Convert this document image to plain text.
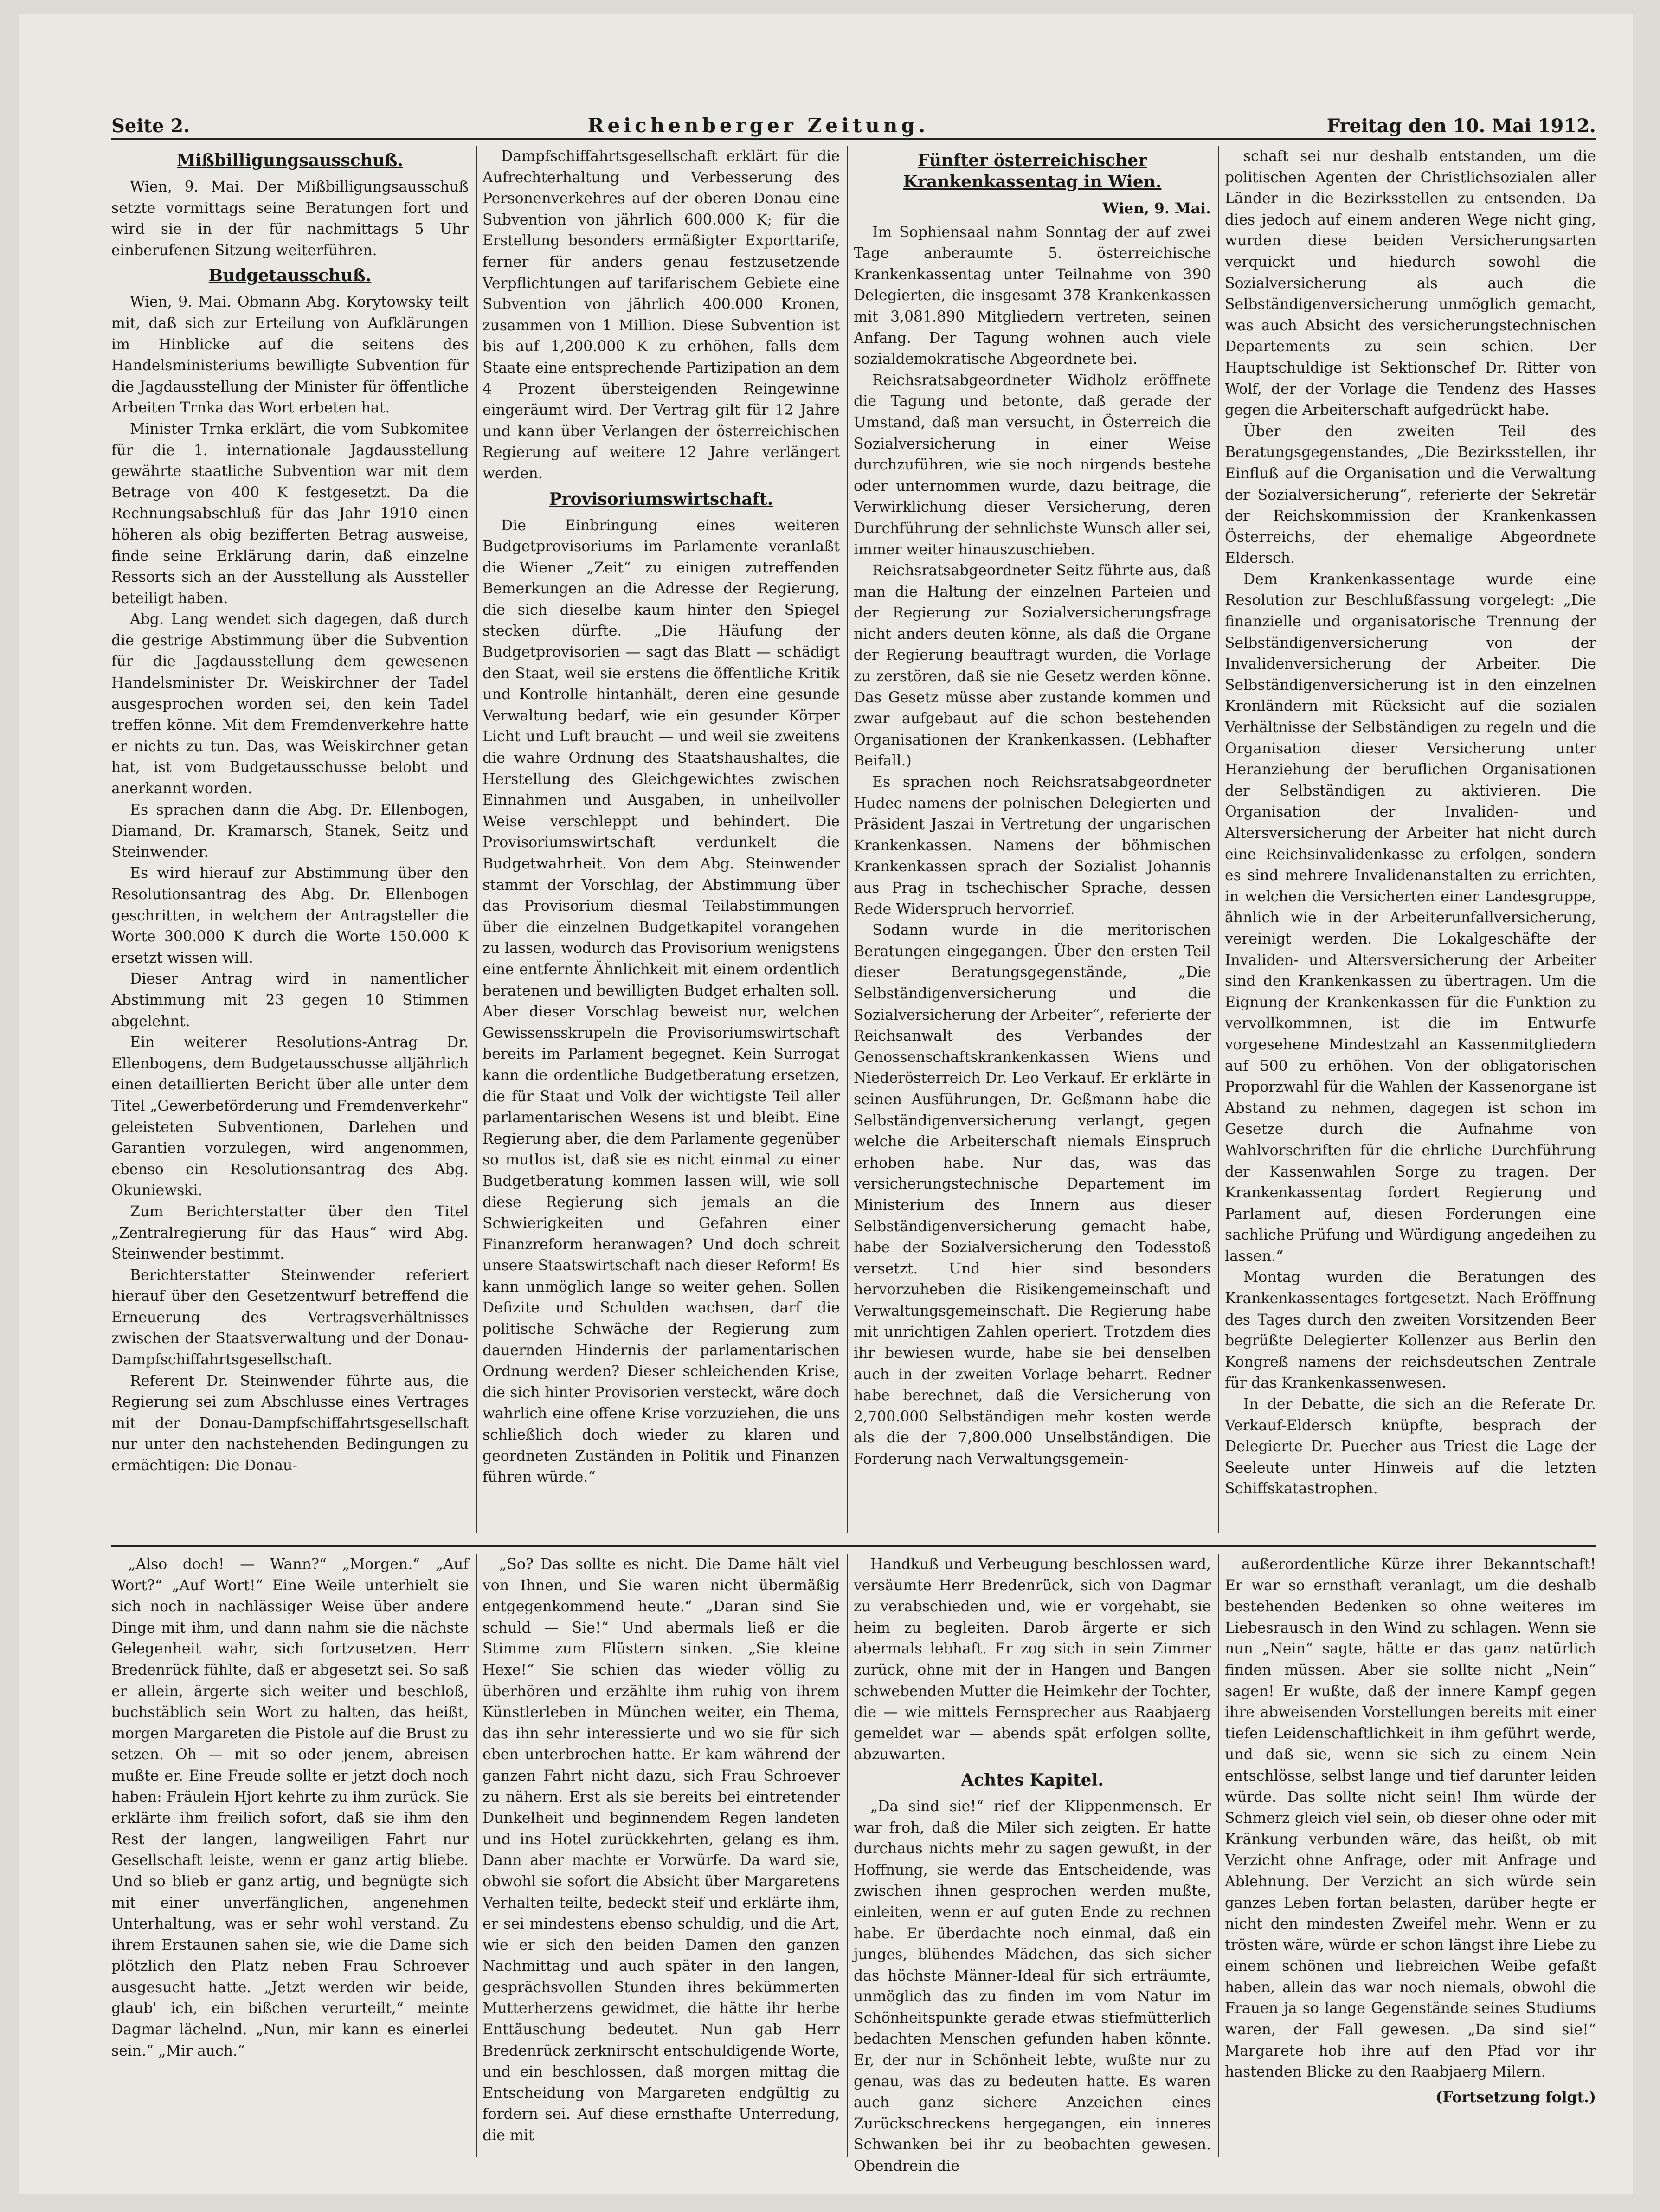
Seite 2.	Reichenberger Zeitung.	Freitag den 10. Mai 1912.
Mißbilligungsausschuß.

Wien, 9. Mai. Der Mißbilligungsausschuß setzte vormittags seine Beratungen fort und wird sie in der für nachmittags 5 Uhr einberufenen Sitzung weiterführen.

Budgetausschuß.

Wien, 9. Mai. Obmann Abg. Korytowsky teilt mit, daß sich zur Erteilung von Aufklärungen im Hinblicke auf die seitens des Handelsministeriums bewilligte Subvention für die Jagdausstellung der Minister für öffentliche Arbeiten Trnka das Wort erbeten hat.

Minister Trnka erklärt, die vom Subkomitee für die 1. internationale Jagdausstellung gewährte staatliche Subvention war mit dem Betrage von 400 K festgesetzt. Da die Rechnungsabschluß für das Jahr 1910 einen höheren als obig bezifferten Betrag ausweise, finde seine Erklärung darin, daß einzelne Ressorts sich an der Ausstellung als Aussteller beteiligt haben.

Abg. Lang wendet sich dagegen, daß durch die gestrige Abstimmung über die Subvention für die Jagdausstellung dem gewesenen Handelsminister Dr. Weiskirchner der Tadel ausgesprochen worden sei, den kein Tadel treffen könne. Mit dem Fremdenverkehre hatte er nichts zu tun. Das, was Weiskirchner getan hat, ist vom Budgetausschusse belobt und anerkannt worden.

Es sprachen dann die Abg. Dr. Ellenbogen, Diamand, Dr. Kramarsch, Stanek, Seitz und Steinwender.

Es wird hierauf zur Abstimmung über den Resolutionsantrag des Abg. Dr. Ellenbogen geschritten, in welchem der Antragsteller die Worte 300.000 K durch die Worte 150.000 K ersetzt wissen will.

Dieser Antrag wird in namentlicher Abstimmung mit 23 gegen 10 Stimmen abgelehnt.

Ein weiterer Resolutions-Antrag Dr. Ellenbogens, dem Budgetausschusse alljährlich einen detaillierten Bericht über alle unter dem Titel „Gewerbeförderung und Fremdenverkehr“ geleisteten Subventionen, Darlehen und Garantien vorzulegen, wird angenommen, ebenso ein Resolutionsantrag des Abg. Okuniewski.

Zum Berichterstatter über den Titel „Zentralregierung für das Haus“ wird Abg. Steinwender bestimmt.

Berichterstatter Steinwender referiert hierauf über den Gesetzentwurf betreffend die Erneuerung des Vertragsverhältnisses zwischen der Staatsverwaltung und der Donau-Dampfschiffahrtsgesellschaft.

Referent Dr. Steinwender führte aus, die Regierung sei zum Abschlusse eines Vertrages mit der Donau-Dampfschiffahrtsgesellschaft nur unter den nachstehenden Bedingungen zu ermächtigen: Die Donau-

Dampfschiffahrtsgesellschaft erklärt für die Aufrechterhaltung und Verbesserung des Personenverkehres auf der oberen Donau eine Subvention von jährlich 600.000 K; für die Erstellung besonders ermäßigter Exporttarife, ferner für anders genau festzusetzende Verpflichtungen auf tarifarischem Gebiete eine Subvention von jährlich 400.000 Kronen, zusammen von 1 Million. Diese Subvention ist bis auf 1,200.000 K zu erhöhen, falls dem Staate eine entsprechende Partizipation an dem 4 Prozent übersteigenden Reingewinne eingeräumt wird. Der Vertrag gilt für 12 Jahre und kann über Verlangen der österreichischen Regierung auf weitere 12 Jahre verlängert werden.

Provisoriumswirtschaft.

Die Einbringung eines weiteren Budgetprovisoriums im Parlamente veranlaßt die Wiener „Zeit“ zu einigen zutreffenden Bemerkungen an die Adresse der Regierung, die sich dieselbe kaum hinter den Spiegel stecken dürfte. „Die Häufung der Budgetprovisorien — sagt das Blatt — schädigt den Staat, weil sie erstens die öffentliche Kritik und Kontrolle hintanhält, deren eine gesunde Verwaltung bedarf, wie ein gesunder Körper Licht und Luft braucht — und weil sie zweitens die wahre Ordnung des Staatshaushaltes, die Herstellung des Gleichgewichtes zwischen Einnahmen und Ausgaben, in unheilvoller Weise verschleppt und behindert. Die Provisoriumswirtschaft verdunkelt die Budgetwahrheit. Von dem Abg. Steinwender stammt der Vorschlag, der Abstimmung über das Provisorium diesmal Teilabstimmungen über die einzelnen Budgetkapitel vorangehen zu lassen, wodurch das Provisorium wenigstens eine entfernte Ähnlichkeit mit einem ordentlich beratenen und bewilligten Budget erhalten soll. Aber dieser Vorschlag beweist nur, welchen Gewissensskrupeln die Provisoriumswirtschaft bereits im Parlament begegnet. Kein Surrogat kann die ordentliche Budgetberatung ersetzen, die für Staat und Volk der wichtigste Teil aller parlamentarischen Wesens ist und bleibt. Eine Regierung aber, die dem Parlamente gegenüber so mutlos ist, daß sie es nicht einmal zu einer Budgetberatung kommen lassen will, wie soll diese Regierung sich jemals an die Schwierigkeiten und Gefahren einer Finanzreform heranwagen? Und doch schreit unsere Staatswirtschaft nach dieser Reform! Es kann unmöglich lange so weiter gehen. Sollen Defizite und Schulden wachsen, darf die politische Schwäche der Regierung zum dauernden Hindernis der parlamentarischen Ordnung werden? Dieser schleichenden Krise, die sich hinter Provisorien versteckt, wäre doch wahrlich eine offene Krise vorzuziehen, die uns schließlich doch wieder zu klaren und geordneten Zuständen in Politik und Finanzen führen würde.“

Fünfter österreichischer Krankenkassentag in Wien.
Wien, 9. Mai.

Im Sophiensaal nahm Sonntag der auf zwei Tage anberaumte 5. österreichische Krankenkassentag unter Teilnahme von 390 Delegierten, die insgesamt 378 Krankenkassen mit 3,081.890 Mitgliedern vertreten, seinen Anfang. Der Tagung wohnen auch viele sozialdemokratische Abgeordnete bei.

Reichsratsabgeordneter Widholz eröffnete die Tagung und betonte, daß gerade der Umstand, daß man versucht, in Österreich die Sozialversicherung in einer Weise durchzuführen, wie sie noch nirgends bestehe oder unternommen wurde, dazu beitrage, die Verwirklichung dieser Versicherung, deren Durchführung der sehnlichste Wunsch aller sei, immer weiter hinauszuschieben.

Reichsratsabgeordneter Seitz führte aus, daß man die Haltung der einzelnen Parteien und der Regierung zur Sozialversicherungsfrage nicht anders deuten könne, als daß die Organe der Regierung beauftragt wurden, die Vorlage zu zerstören, daß sie nie Gesetz werden könne. Das Gesetz müsse aber zustande kommen und zwar aufgebaut auf die schon bestehenden Organisationen der Krankenkassen. (Lebhafter Beifall.)

Es sprachen noch Reichsratsabgeordneter Hudec namens der polnischen Delegierten und Präsident Jaszai in Vertretung der ungarischen Krankenkassen. Namens der böhmischen Krankenkassen sprach der Sozialist Johannis aus Prag in tschechischer Sprache, dessen Rede Widerspruch hervorrief.

Sodann wurde in die meritorischen Beratungen eingegangen. Über den ersten Teil dieser Beratungsgegenstände, „Die Selbständigenversicherung und die Sozialversicherung der Arbeiter“, referierte der Reichsanwalt des Verbandes der Genossenschaftskrankenkassen Wiens und Niederösterreich Dr. Leo Verkauf. Er erklärte in seinen Ausführungen, Dr. Geßmann habe die Selbständigenversicherung verlangt, gegen welche die Arbeiterschaft niemals Einspruch erhoben habe. Nur das, was das versicherungstechnische Departement im Ministerium des Innern aus dieser Selbständigenversicherung gemacht habe, habe der Sozialversicherung den Todesstoß versetzt. Und hier sind besonders hervorzuheben die Risikengemeinschaft und Verwaltungsgemeinschaft. Die Regierung habe mit unrichtigen Zahlen operiert. Trotzdem dies ihr bewiesen wurde, habe sie bei denselben auch in der zweiten Vorlage beharrt. Redner habe berechnet, daß die Versicherung von 2,700.000 Selbständigen mehr kosten werde als die der 7,800.000 Unselbständigen. Die Forderung nach Verwaltungsgemein-

schaft sei nur deshalb entstanden, um die politischen Agenten der Christlichsozialen aller Länder in die Bezirksstellen zu entsenden. Da dies jedoch auf einem anderen Wege nicht ging, wurden diese beiden Versicherungsarten verquickt und hiedurch sowohl die Sozialversicherung als auch die Selbständigenversicherung unmöglich gemacht, was auch Absicht des versicherungstechnischen Departements zu sein schien. Der Hauptschuldige ist Sektionschef Dr. Ritter von Wolf, der der Vorlage die Tendenz des Hasses gegen die Arbeiterschaft aufgedrückt habe.

Über den zweiten Teil des Beratungsgegenstandes, „Die Bezirksstellen, ihr Einfluß auf die Organisation und die Verwaltung der Sozialversicherung“, referierte der Sekretär der Reichskommission der Krankenkassen Österreichs, der ehemalige Abgeordnete Eldersch.

Dem Krankenkassentage wurde eine Resolution zur Beschlußfassung vorgelegt: „Die finanzielle und organisatorische Trennung der Selbständigenversicherung von der Invalidenversicherung der Arbeiter. Die Selbständigenversicherung ist in den einzelnen Kronländern mit Rücksicht auf die sozialen Verhältnisse der Selbständigen zu regeln und die Organisation dieser Versicherung unter Heranziehung der beruflichen Organisationen der Selbständigen zu aktivieren. Die Organisation der Invaliden- und Altersversicherung der Arbeiter hat nicht durch eine Reichsinvalidenkasse zu erfolgen, sondern es sind mehrere Invalidenanstalten zu errichten, in welchen die Versicherten einer Landesgruppe, ähnlich wie in der Arbeiterunfallversicherung, vereinigt werden. Die Lokalgeschäfte der Invaliden- und Altersversicherung der Arbeiter sind den Krankenkassen zu übertragen. Um die Eignung der Krankenkassen für die Funktion zu vervollkommnen, ist die im Entwurfe vorgesehene Mindestzahl an Kassenmitgliedern auf 500 zu erhöhen. Von der obligatorischen Proporzwahl für die Wahlen der Kassenorgane ist Abstand zu nehmen, dagegen ist schon im Gesetze durch die Aufnahme von Wahlvorschriften für die ehrliche Durchführung der Kassenwahlen Sorge zu tragen. Der Krankenkassentag fordert Regierung und Parlament auf, diesen Forderungen eine sachliche Prüfung und Würdigung angedeihen zu lassen.“

Montag wurden die Beratungen des Krankenkassentages fortgesetzt. Nach Eröffnung des Tages durch den zweiten Vorsitzenden Beer begrüßte Delegierter Kollenzer aus Berlin den Kongreß namens der reichsdeutschen Zentrale für das Krankenkassenwesen.

In der Debatte, die sich an die Referate Dr. Verkauf-Eldersch knüpfte, besprach der Delegierte Dr. Puecher aus Triest die Lage der Seeleute unter Hinweis auf die letzten Schiffskatastrophen.

„Also doch! — Wann?“ „Morgen.“ „Auf Wort?“ „Auf Wort!“ Eine Weile unterhielt sie sich noch in nachlässiger Weise über andere Dinge mit ihm, und dann nahm sie die nächste Gelegenheit wahr, sich fortzusetzen. Herr Bredenrück fühlte, daß er abgesetzt sei. So saß er allein, ärgerte sich weiter und beschloß, buchstäblich sein Wort zu halten, das heißt, morgen Margareten die Pistole auf die Brust zu setzen. Oh — mit so oder jenem, abreisen mußte er. Eine Freude sollte er jetzt doch noch haben: Fräulein Hjort kehrte zu ihm zurück. Sie erklärte ihm freilich sofort, daß sie ihm den Rest der langen, langweiligen Fahrt nur Gesellschaft leiste, wenn er ganz artig bliebe. Und so blieb er ganz artig, und begnügte sich mit einer unverfänglichen, angenehmen Unterhaltung, was er sehr wohl verstand. Zu ihrem Erstaunen sahen sie, wie die Dame sich plötzlich den Platz neben Frau Schroever ausgesucht hatte. „Jetzt werden wir beide, glaub' ich, ein bißchen verurteilt,“ meinte Dagmar lächelnd. „Nun, mir kann es einerlei sein.“ „Mir auch.“

„So? Das sollte es nicht. Die Dame hält viel von Ihnen, und Sie waren nicht übermäßig entgegenkommend heute.“ „Daran sind Sie schuld — Sie!“ Und abermals ließ er die Stimme zum Flüstern sinken. „Sie kleine Hexe!“ Sie schien das wieder völlig zu überhören und erzählte ihm ruhig von ihrem Künstlerleben in München weiter, ein Thema, das ihn sehr interessierte und wo sie für sich eben unterbrochen hatte. Er kam während der ganzen Fahrt nicht dazu, sich Frau Schroever zu nähern. Erst als sie bereits bei eintretender Dunkelheit und beginnendem Regen landeten und ins Hotel zurückkehrten, gelang es ihm. Dann aber machte er Vorwürfe. Da ward sie, obwohl sie sofort die Absicht über Margaretens Verhalten teilte, bedeckt steif und erklärte ihm, er sei mindestens ebenso schuldig, und die Art, wie er sich den beiden Damen den ganzen Nachmittag und auch später in den langen, gesprächsvollen Stunden ihres bekümmerten Mutterherzens gewidmet, die hätte ihr herbe Enttäuschung bedeutet. Nun gab Herr Bredenrück zerknirscht entschuldigende Worte, und ein beschlossen, daß morgen mittag die Entscheidung von Margareten endgültig zu fordern sei. Auf diese ernsthafte Unterredung, die mit

Handkuß und Verbeugung beschlossen ward, versäumte Herr Bredenrück, sich von Dagmar zu verabschieden und, wie er vorgehabt, sie heim zu begleiten. Darob ärgerte er sich abermals lebhaft. Er zog sich in sein Zimmer zurück, ohne mit der in Hangen und Bangen schwebenden Mutter die Heimkehr der Tochter, die — wie mittels Fernsprecher aus Raabjaerg gemeldet war — abends spät erfolgen sollte, abzuwarten.

Achtes Kapitel.

„Da sind sie!“ rief der Klippenmensch. Er war froh, daß die Miler sich zeigten. Er hatte durchaus nichts mehr zu sagen gewußt, in der Hoffnung, sie werde das Entscheidende, was zwischen ihnen gesprochen werden mußte, einleiten, wenn er auf guten Ende zu rechnen habe. Er überdachte noch einmal, daß ein junges, blühendes Mädchen, das sich sicher das höchste Männer-Ideal für sich erträumte, unmöglich das zu finden im vom Natur im Schönheitspunkte gerade etwas stiefmütterlich bedachten Menschen gefunden haben könnte. Er, der nur in Schönheit lebte, wußte nur zu genau, was das zu bedeuten hatte. Es waren auch ganz sichere Anzeichen eines Zurückschreckens hergegangen, ein inneres Schwanken bei ihr zu beobachten gewesen. Obendrein die

außerordentliche Kürze ihrer Bekanntschaft! Er war so ernsthaft veranlagt, um die deshalb bestehenden Bedenken so ohne weiteres im Liebesrausch in den Wind zu schlagen. Wenn sie nun „Nein“ sagte, hätte er das ganz natürlich finden müssen. Aber sie sollte nicht „Nein“ sagen! Er wußte, daß der innere Kampf gegen ihre abweisenden Vorstellungen bereits mit einer tiefen Leidenschaftlichkeit in ihm geführt werde, und daß sie, wenn sie sich zu einem Nein entschlösse, selbst lange und tief darunter leiden würde. Das sollte nicht sein! Ihm würde der Schmerz gleich viel sein, ob dieser ohne oder mit Kränkung verbunden wäre, das heißt, ob mit Verzicht ohne Anfrage, oder mit Anfrage und Ablehnung. Der Verzicht an sich würde sein ganzes Leben fortan belasten, darüber hegte er nicht den mindesten Zweifel mehr. Wenn er zu trösten wäre, würde er schon längst ihre Liebe zu einem schönen und liebreichen Weibe gefaßt haben, allein das war noch niemals, obwohl die Frauen ja so lange Gegenstände seines Studiums waren, der Fall gewesen. „Da sind sie!“ Margarete hob ihre auf den Pfad vor ihr hastenden Blicke zu den Raabjaerg Milern.

(Fortsetzung folgt.)
